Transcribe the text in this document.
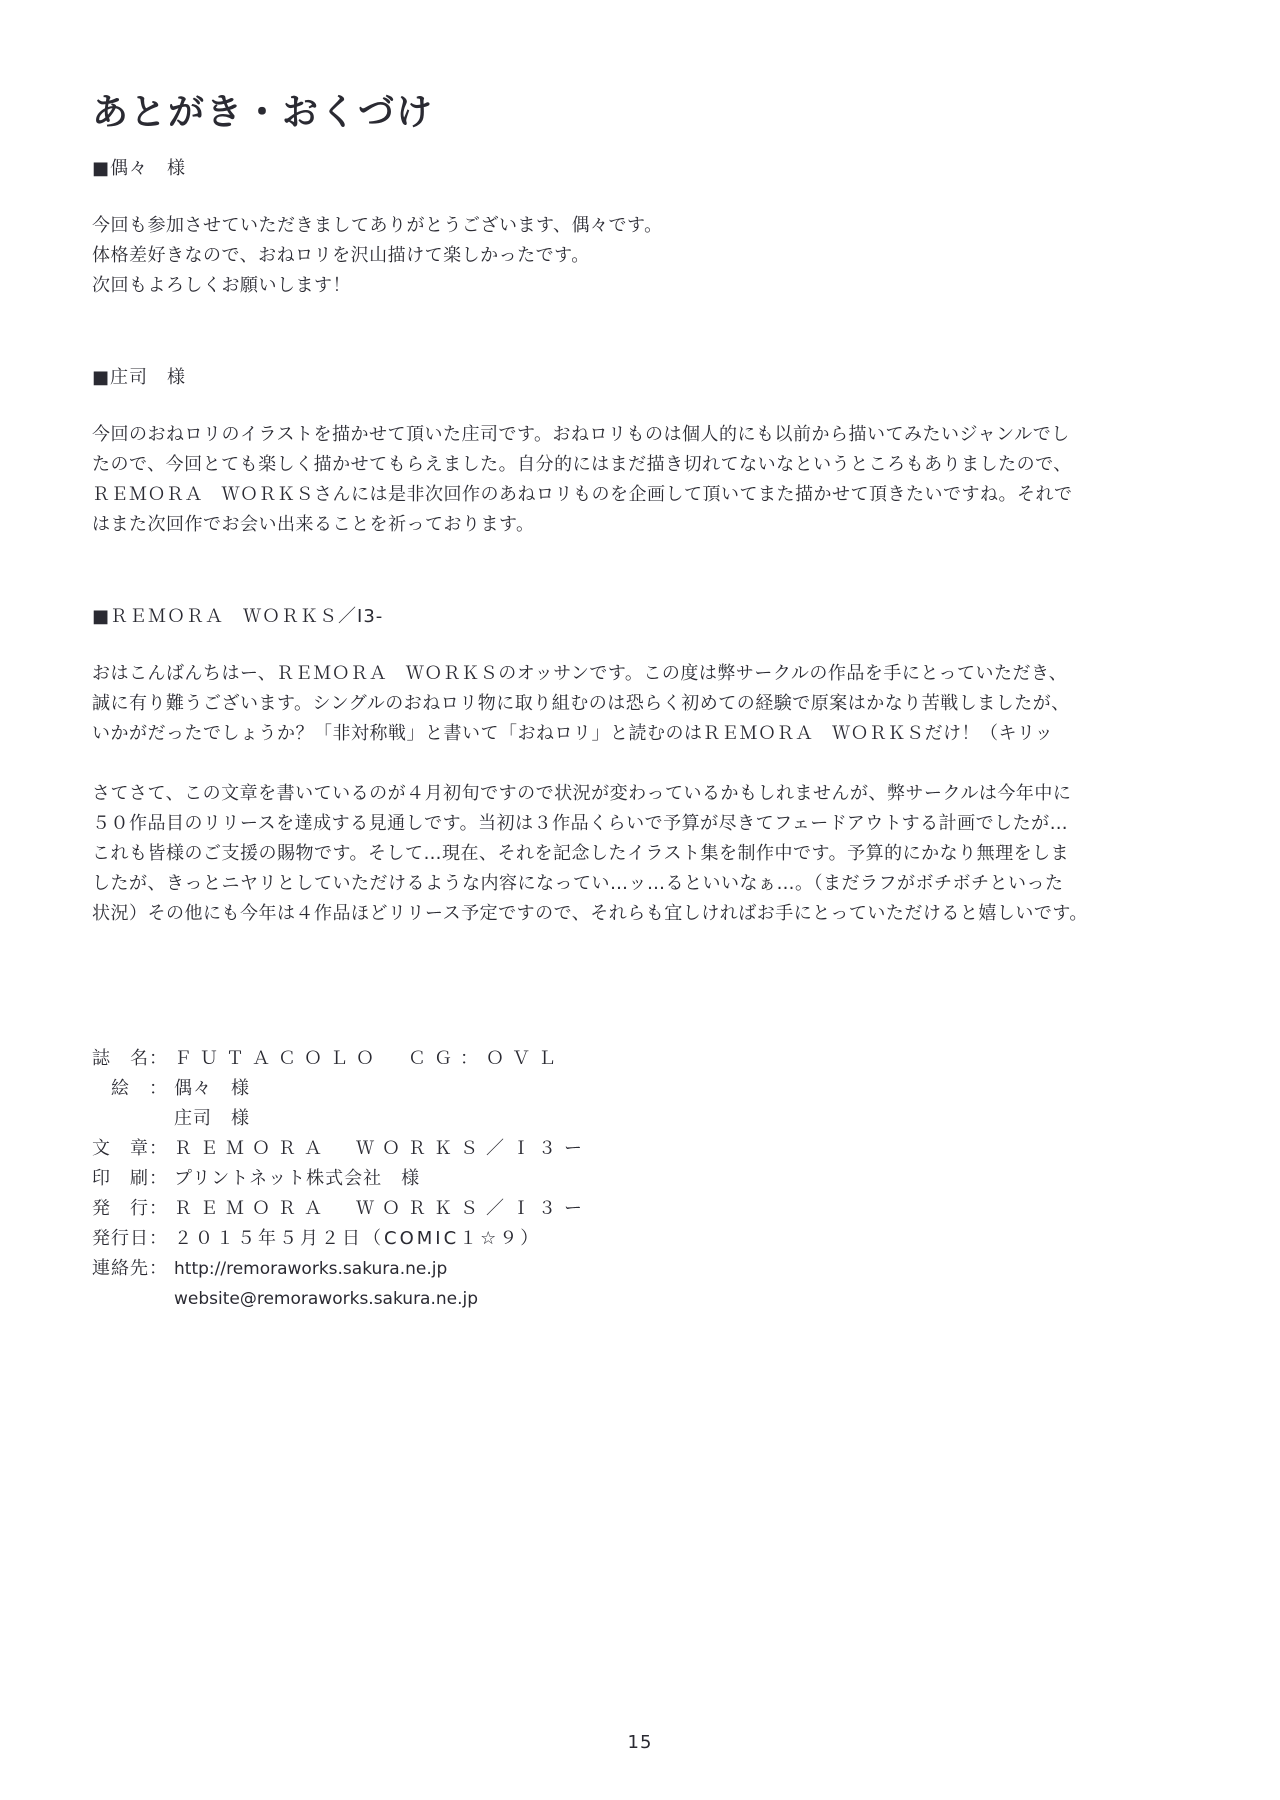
あとがき・おくづけ
■偶々　様
今回も参加させていただきましてありがとうございます、偶々です。
体格差好きなので、おねロリを沢山描けて楽しかったです。
次回もよろしくお願いします！
■庄司　様
今回のおねロリのイラストを描かせて頂いた庄司です。おねロリものは個人的にも以前から描いてみたいジャンルでし
たので、今回とても楽しく描かせてもらえました。自分的にはまだ描き切れてないなというところもありましたので、
ＲＥＭＯＲＡ　ＷＯＲＫＳさんには是非次回作のあねロリものを企画して頂いてまた描かせて頂きたいですね。それで
はまた次回作でお会い出来ることを祈っております。
■ＲＥＭＯＲＡ　ＷＯＲＫＳ／I3-
おはこんばんちはー、ＲＥＭＯＲＡ　ＷＯＲＫＳのオッサンです。この度は弊サークルの作品を手にとっていただき、
誠に有り難うございます。シングルのおねロリ物に取り組むのは恐らく初めての経験で原案はかなり苦戦しましたが、
いかがだったでしょうか？「非対称戦」と書いて「おねロリ」と読むのはＲＥＭＯＲＡ　ＷＯＲＫＳだけ！（キリッ
さてさて、この文章を書いているのが４月初旬ですので状況が変わっているかもしれませんが、弊サークルは今年中に
５０作品目のリリースを達成する見通しです。当初は３作品くらいで予算が尽きてフェードアウトする計画でしたが…
これも皆様のご支援の賜物です。そして…現在、それを記念したイラスト集を制作中です。予算的にかなり無理をしま
したが、きっとニヤリとしていただけるような内容になってい…ッ…るといいなぁ…。（まだラフがボチボチといった
状況）その他にも今年は４作品ほどリリース予定ですので、それらも宜しければお手にとっていただけると嬉しいです。
誌　名： ＦＵＴＡＣＯＬＯ　ＣＧ：ＯＶＬ
　絵　： 偶々　様
庄司　様
文　章： ＲＥＭＯＲＡ　ＷＯＲＫＳ／Ｉ３ー
印　刷： プリントネット株式会社　様
発　行： ＲＥＭＯＲＡ　ＷＯＲＫＳ／Ｉ３ー
発行日： ２０１５年５月２日（COMIC１☆９）
連絡先： http://remoraworks.sakura.ne.jp
website@remoraworks.sakura.ne.jp
15
